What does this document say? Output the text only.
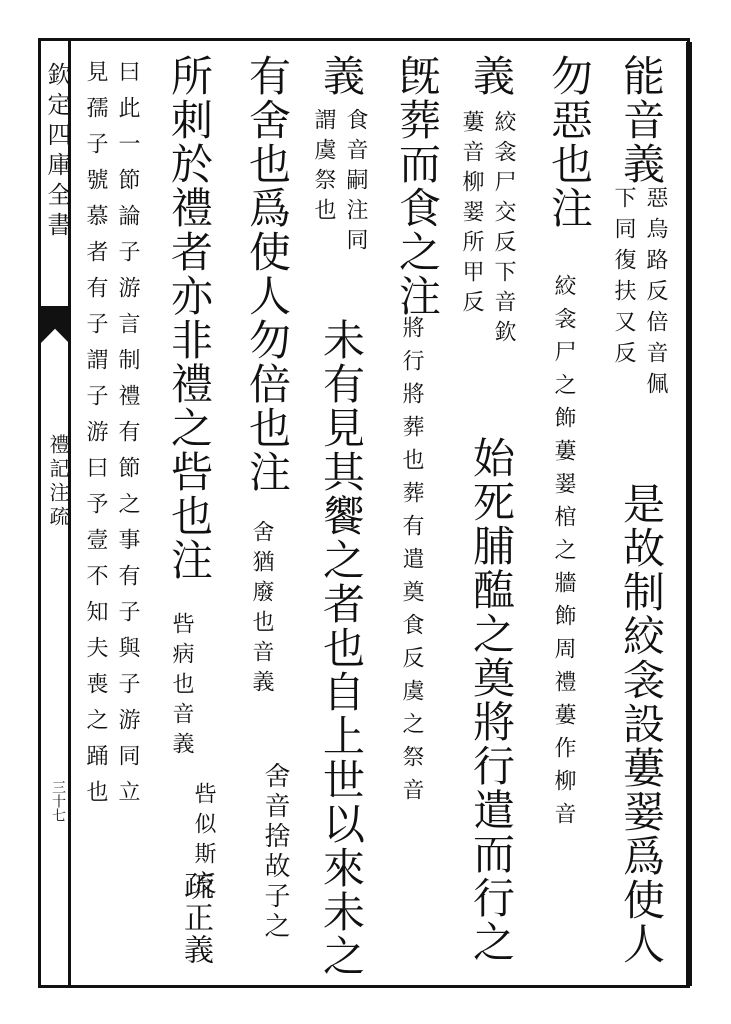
欽定四庫全書
禮記注疏
三十七
能音義
惡烏路反倍音佩
下同復扶又反
是故制絞衾設蔞翣爲使人
勿惡也注
絞衾尸之飾蔞翣棺之牆飾周禮蔞作柳音
義
絞衾尸交反下音欽
蔞音柳翣所甲反
始死脯醢之奠將行遣而行之
旣葬而食之注
將行將葬也葬有遣奠食反虞之祭音
義
食音嗣注同
謂虞祭也
未有見其饗之者也自上世以來未之
有舍也爲使人勿倍也注
舍猶廢也音義
舍音捨故子之
所刺於禮者亦非禮之呰也注
呰病也音義
呰似斯反
疏正義
曰此一節論子游言制禮有節之事有子與子游同立
見孺子號慕者有子謂子游曰予壹不知夫喪之踊也
